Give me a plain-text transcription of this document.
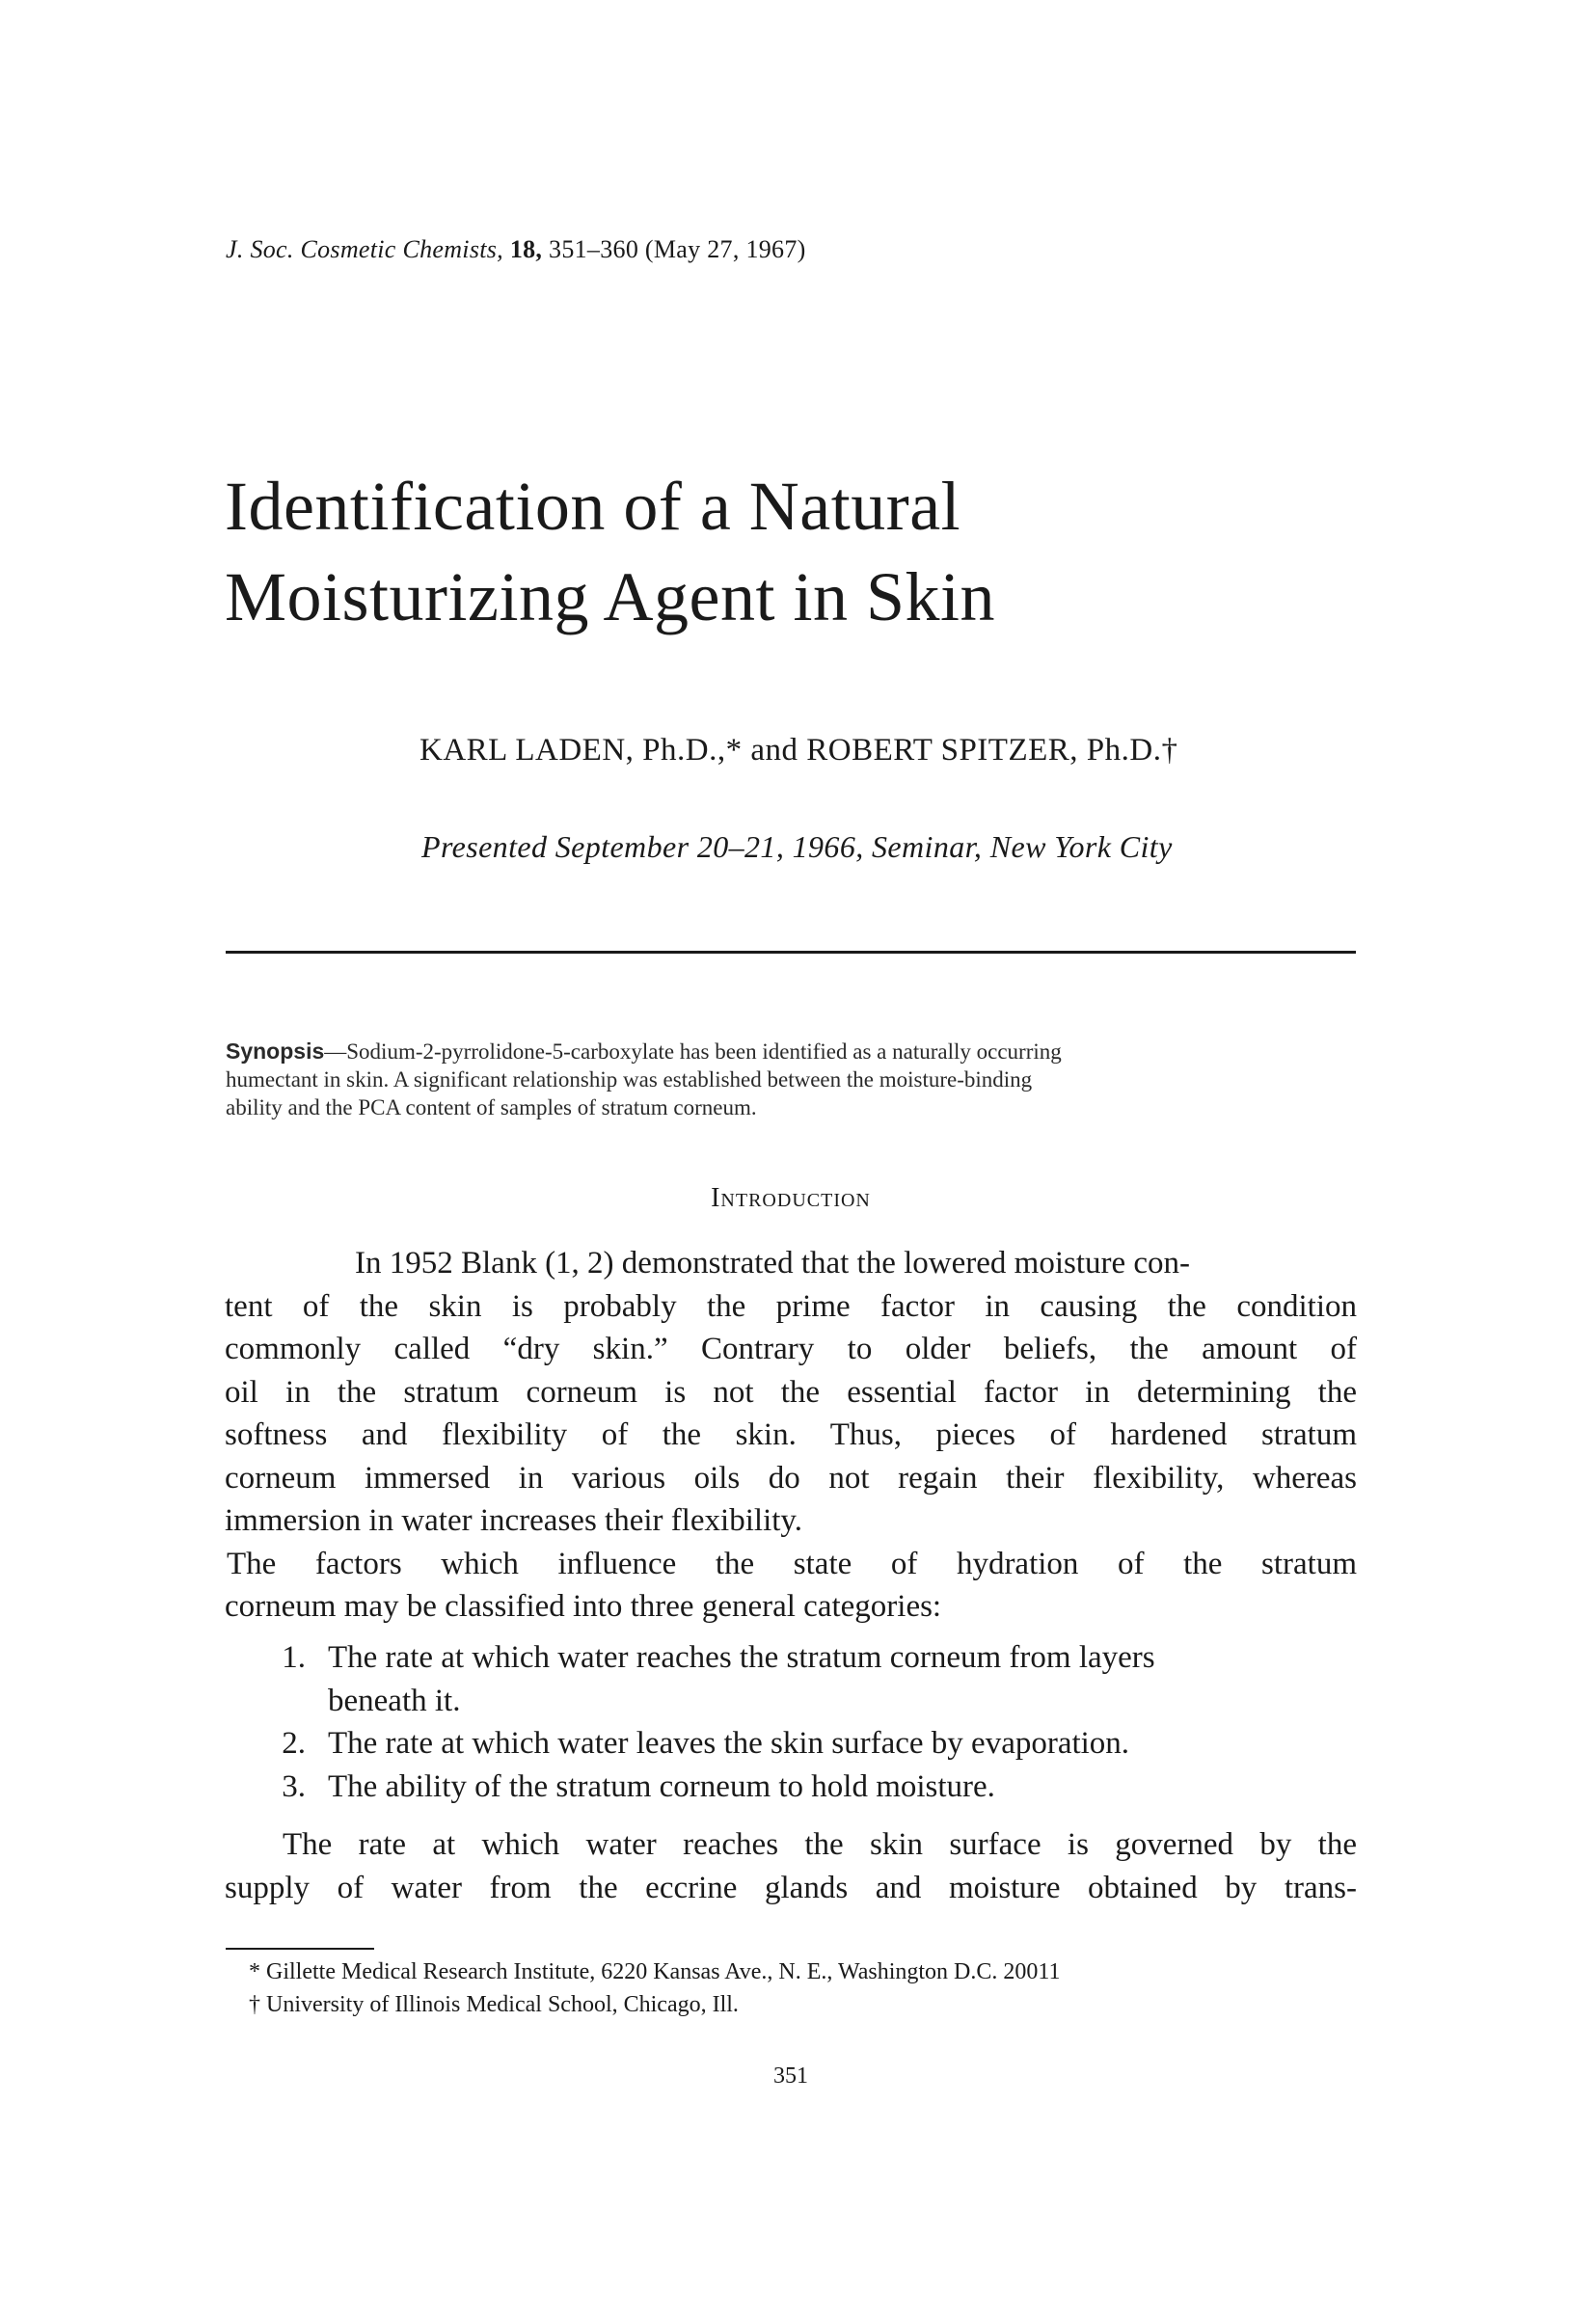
J. Soc. Cosmetic Chemists, 18, 351–360 (May 27, 1967)
Identification of a Natural
Moisturizing Agent in Skin
KARL LADEN, Ph.D.,* and ROBERT SPITZER, Ph.D.†
Presented September 20–21, 1966, Seminar, New York City

Synopsis—Sodium-2-pyrrolidone-5-carboxylate has been identified as a naturally occurring

humectant in skin. A significant relationship was established between the moisture-binding

ability and the PCA content of samples of stratum corneum.

Introduction
In 1952 Blank (1, 2) demonstrated that the lowered moisture con-
tent of the skin is probably the prime factor in causing the condition
commonly called “dry skin.” Contrary to older beliefs, the amount of
oil in the stratum corneum is not the essential factor in determining the
softness and flexibility of the skin. Thus, pieces of hardened stratum
corneum immersed in various oils do not regain their flexibility, whereas
immersion in water increases their flexibility.
The factors which influence the state of hydration of the stratum
corneum may be classified into three general categories:
1. The rate at which water reaches the stratum corneum from layers
beneath it.
2. The rate at which water leaves the skin surface by evaporation.
3. The ability of the stratum corneum to hold moisture.
The rate at which water reaches the skin surface is governed by the
supply of water from the eccrine glands and moisture obtained by trans-
* Gillette Medical Research Institute, 6220 Kansas Ave., N. E., Washington D.C. 20011
† University of Illinois Medical School, Chicago, Ill.
351
